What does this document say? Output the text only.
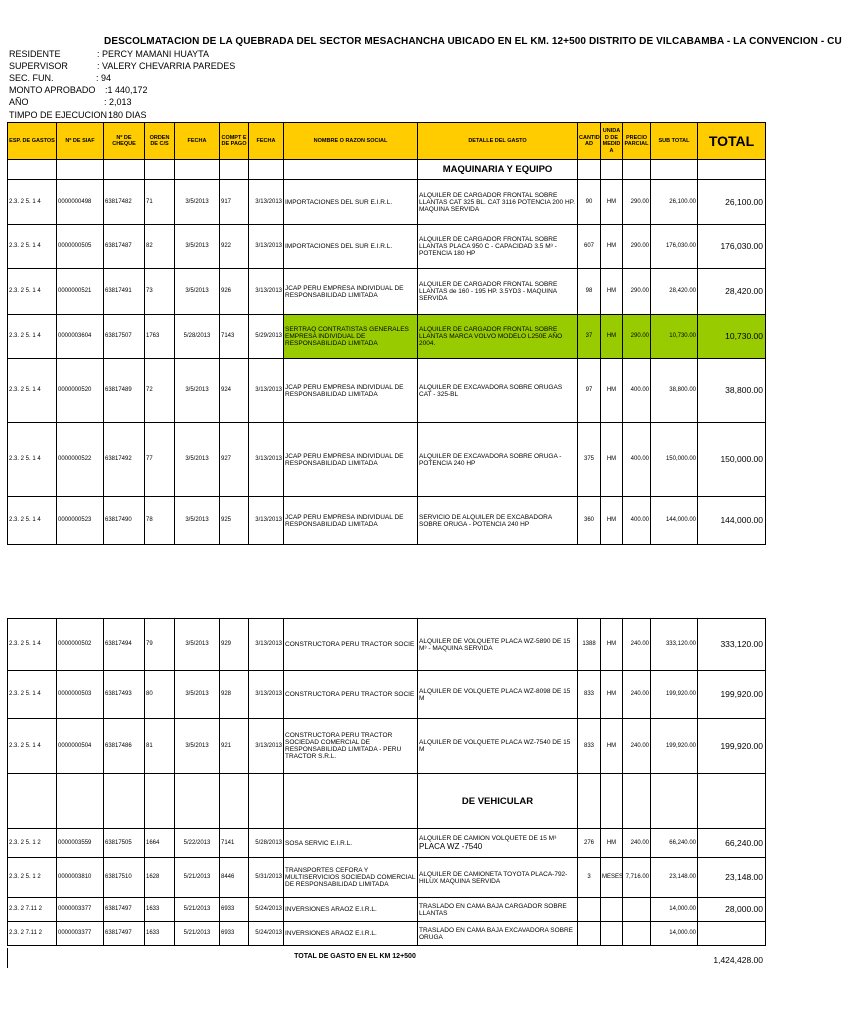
DESCOLMATACION DE LA QUEBRADA DEL SECTOR MESACHANCHA UBICADO EN EL KM. 12+500 DISTRITO DE VILCABAMBA - LA CONVENCION - CU
RESIDENTE	: PERCY MAMANI HUAYTA
SUPERVISOR	: VALERY CHEVARRIA PAREDES
SEC. FUN.	: 94
MONTO APROBADO :1 440,172
AÑO	: 2,013
TIMPO DE EJECUCION :
180 DIAS
ESP. DE GASTOS	Nº DE SIAF	Nº DE CHEQUE	ORDEN DE C/S	FECHA	COMPT E DE PAGO	FECHA	NOMBRE O RAZON SOCIAL	DETALLE DEL GASTO	CANTID AD	UNIDA D DE MEDID A	PRECIO PARCIAL	SUB TOTAL	TOTAL
								MAQUINARIA Y EQUIPO					
2.3. 2 5. 1 4	0000000498	63817482	71	3/5/2013	917	3/13/2013	IMPORTACIONES DEL SUR E.I.R.L.	ALQUILER DE CARGADOR FRONTAL SOBRE LLANTAS CAT 325 BL. CAT 3116 POTENCIA 200 HP. MAQUINA SERVIDA	90	HM	290.00	26,100.00	26,100.00
2.3. 2 5. 1 4	0000000505	63817487	82	3/5/2013	922	3/13/2013	IMPORTACIONES DEL SUR E.I.R.L.	ALQUILER DE CARGADOR FRONTAL SOBRE LLANTAS PLACA 950 C - CAPACIDAD 3.5 M³ - POTENCIA 180 HP	607	HM	290.00	176,030.00	176,030.00
2.3. 2 5. 1 4	0000000521	63817491	73	3/5/2013	926	3/13/2013	JCAP PERU EMPRESA INDIVIDUAL DE RESPONSABILIDAD LIMITADA	ALQUILER DE CARGADOR FRONTAL SOBRE LLANTAS de 160 - 195 HP. 3.5YD3 - MAQUINA SERVIDA	98	HM	290.00	28,420.00	28,420.00
2.3. 2 5. 1 4	0000003604	63817507	1763	5/28/2013	7143	5/29/2013	SERTRAQ CONTRATISTAS GENERALES EMPRESA INDIVIDUAL DE RESPONSABILIDAD LIMITADA	ALQUILER DE CARGADOR FRONTAL SOBRE LLANTAS MARCA VOLVO MODELO L250E AÑO 2004.	37	HM	290.00	10,730.00	10,730.00
2.3. 2 5. 1 4	0000000520	63817489	72	3/5/2013	924	3/13/2013	JCAP PERU EMPRESA INDIVIDUAL DE RESPONSABILIDAD LIMITADA	ALQUILER DE EXCAVADORA SOBRE ORUGAS CAT - 325-BL	97	HM	400.00	38,800.00	38,800.00
2.3. 2 5. 1 4	0000000522	63817492	77	3/5/2013	927	3/13/2013	JCAP PERU EMPRESA INDIVIDUAL DE RESPONSABILIDAD LIMITADA	ALQUILER DE EXCAVADORA SOBRE ORUGA - POTENCIA 240 HP	375	HM	400.00	150,000.00	150,000.00
2.3. 2 5. 1 4	0000000523	63817490	78	3/5/2013	925	3/13/2013	JCAP PERU EMPRESA INDIVIDUAL DE RESPONSABILIDAD LIMITADA	SERVICIO DE ALQUILER DE EXCABADORA SOBRE ORUGA - POTENCIA 240 HP	360	HM	400.00	144,000.00	144,000.00
2.3. 2 5. 1 4	0000000502	63817494	79	3/5/2013	929	3/13/2013	CONSTRUCTORA PERU TRACTOR SOCIE	ALQUILER DE VOLQUETE PLACA WZ-5890 DE 15 M³ - MAQUINA SERVIDA	1388	HM	240.00	333,120.00	333,120.00
2.3. 2 5. 1 4	0000000503	63817493	80	3/5/2013	928	3/13/2013	CONSTRUCTORA PERU TRACTOR SOCIE	ALQUILER DE VOLQUETE PLACA WZ-8098 DE 15 M	833	HM	240.00	199,920.00	199,920.00
2.3. 2 5. 1 4	0000000504	63817486	81	3/5/2013	921	3/13/2013	CONSTRUCTORA PERU TRACTOR SOCIEDAD COMERCIAL DE RESPONSABILIDAD LIMITADA - PERU TRACTOR S.R.L.	ALQUILER DE VOLQUETE PLACA WZ-7540 DE 15 M	833	HM	240.00	199,920.00	199,920.00
								DE VEHICULAR					
2.3. 2 5. 1 2	0000003559	63817505	1664	5/22/2013	7141	5/28/2013	SOSA SERVIC E.I.R.L.	ALQUILER DE CAMION VOLQUETE DE 15 M³
PLACA WZ -7540	276	HM	240.00	66,240.00	66,240.00
2.3. 2 5. 1 2	0000003810	63817510	1628	5/21/2013	8446	5/31/2013	TRANSPORTES CEFORA Y MULTISERVICIOS SOCIEDAD COMERCIAL DE RESPONSABILIDAD LIMITADA	ALQUILER DE CAMIONETA TOYOTA PLACA-792-HILUX MAQUINA SERVIDA	3	MESES	7,716.00	23,148.00	23,148.00
2.3. 2 7.11 2	0000003377	63817497	1633	5/21/2013	6933	5/24/2013	INVERSIONES ARAOZ E.I.R.L.	TRASLADO EN CAMA BAJA CARGADOR SOBRE LLANTAS				14,000.00	28,000.00
2.3. 2 7.11 2	0000003377	63817497	1633	5/21/2013	6933	5/24/2013	INVERSIONES ARAOZ E.I.R.L.	TRASLADO EN CAMA BAJA EXCAVADORA SOBRE ORUGA				14,000.00	
TOTAL DE GASTO EN EL KM 12+500	1,424,428.00
